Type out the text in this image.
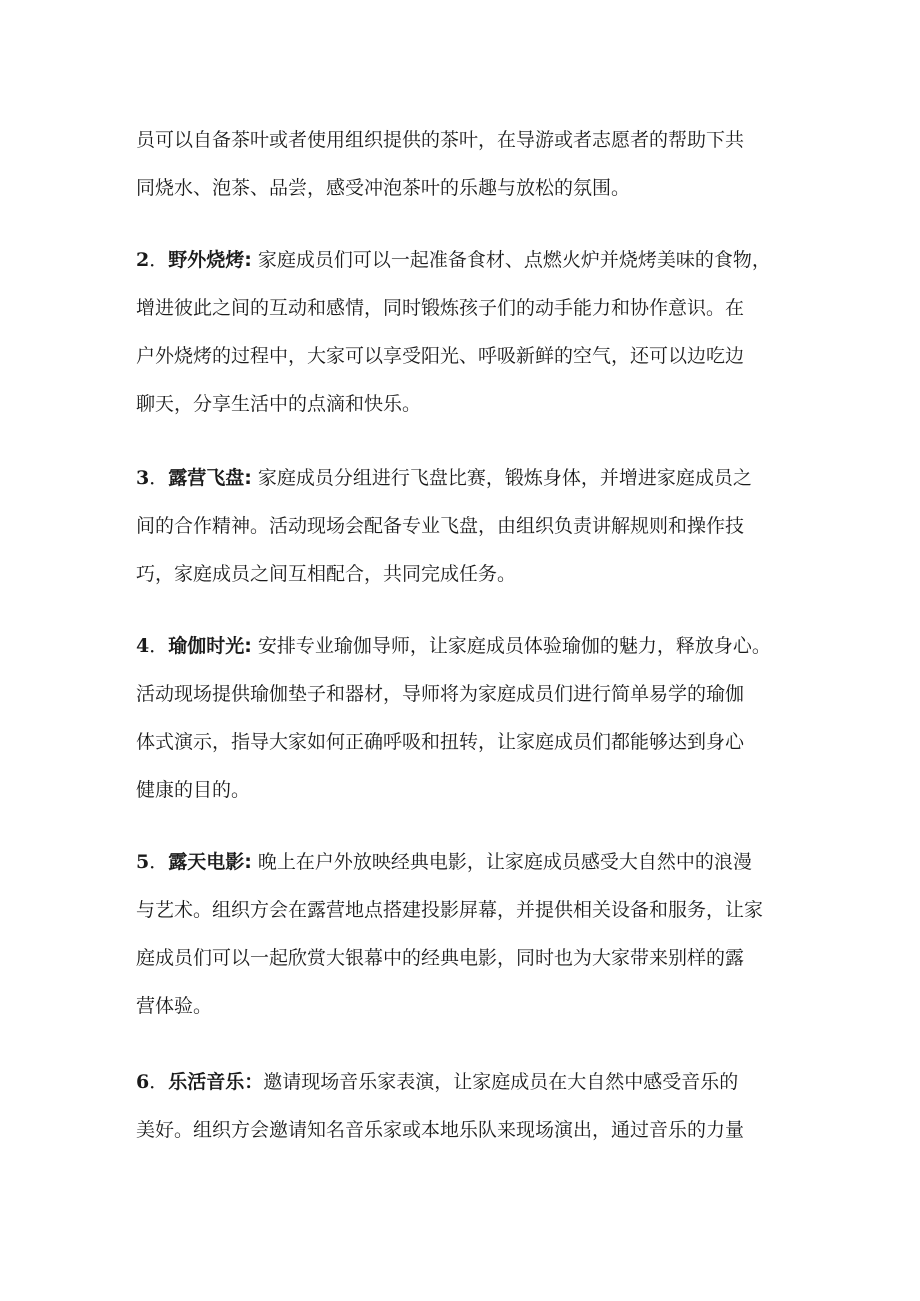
员可以自备茶叶或者使用组织提供的茶叶，在导游或者志愿者的帮助下共
同烧水、泡茶、品尝，感受冲泡茶叶的乐趣与放松的氛围。

2．野外烧烤: 家庭成员们可以一起准备食材、点燃火炉并烧烤美味的食物，
增进彼此之间的互动和感情，同时锻炼孩子们的动手能力和协作意识。在
户外烧烤的过程中，大家可以享受阳光、呼吸新鲜的空气，还可以边吃边
聊天，分享生活中的点滴和快乐。

3．露营飞盘: 家庭成员分组进行飞盘比赛，锻炼身体，并增进家庭成员之
间的合作精神。活动现场会配备专业飞盘，由组织负责讲解规则和操作技
巧，家庭成员之间互相配合，共同完成任务。

4．瑜伽时光: 安排专业瑜伽导师，让家庭成员体验瑜伽的魅力，释放身心。
活动现场提供瑜伽垫子和器材，导师将为家庭成员们进行简单易学的瑜伽
体式演示，指导大家如何正确呼吸和扭转，让家庭成员们都能够达到身心
健康的目的。

5．露天电影: 晚上在户外放映经典电影，让家庭成员感受大自然中的浪漫
与艺术。组织方会在露营地点搭建投影屏幕，并提供相关设备和服务，让家
庭成员们可以一起欣赏大银幕中的经典电影，同时也为大家带来别样的露
营体验。

6．乐活音乐：邀请现场音乐家表演，让家庭成员在大自然中感受音乐的
美好。组织方会邀请知名音乐家或本地乐队来现场演出，通过音乐的力量
